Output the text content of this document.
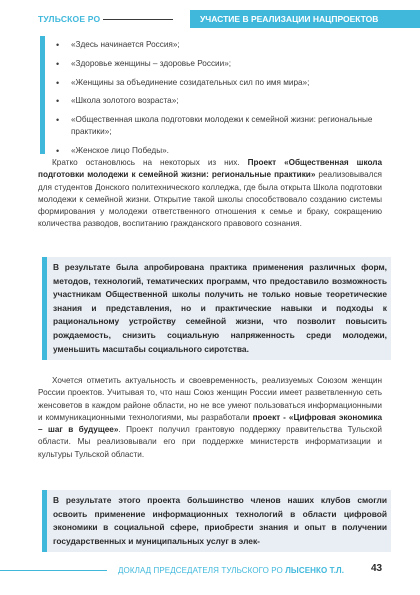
ТУЛЬСКОЕ РО	УЧАСТИЕ В РЕАЛИЗАЦИИ НАЦПРОЕКТОВ
• «Здесь начинается Россия»;
• «Здоровье женщины – здоровье России»;
• «Женщины за объединение созидательных сил по имя мира»;
• «Школа золотого возраста»;
• «Общественная школа подготовки молодежи к семейной жизни: региональные практики»;
• «Женское лицо Победы».

Кратко остановлюсь на некоторых из них. Проект «Общественная школа подготовки молодежи к семейной жизни: региональные практики» реализовывался для студентов Донского политехнического колледжа, где была открыта Школа подготовки молодежи к семейной жизни. Открытие такой школы способствовало созданию системы формирования у молодежи ответственного отношения к семье и браку, сокращению количества разводов, воспитанию гражданского правового сознания.

В результате была апробирована практика применения различных форм, методов, технологий, тематических программ, что предоставило возможность участникам Общественной школы получить не только новые теоретические знания и представления, но и практические навыки и подходы к рациональному устройству семейной жизни, что позволит повысить рождаемость, снизить социальную напряженность среди молодежи, уменьшить масштабы социального сиротства.

Хочется отметить актуальность и своевременность, реализуемых Союзом женщин России проектов. Учитывая то, что наш Союз женщин России имеет разветвленную сеть женсоветов в каждом районе области, но не все умеют пользоваться информационными и коммуникационными технологиями, мы разработали проект - «Цифровая экономика – шаг в будущее». Проект получил грантовую поддержку правительства Тульской области. Мы реализовывали его при поддержке министерств информатизации и культуры Тульской области.

В результате этого проекта большинство членов наших клубов смогли освоить применение информационных технологий в области цифровой экономики в социальной сфере, приобрести знания и опыт в получении государственных и муниципальных услуг в элек-

ДОКЛАД ПРЕДСЕДАТЕЛЯ ТУЛЬСКОГО РО ЛЫСЕНКО Т.Л.	43
